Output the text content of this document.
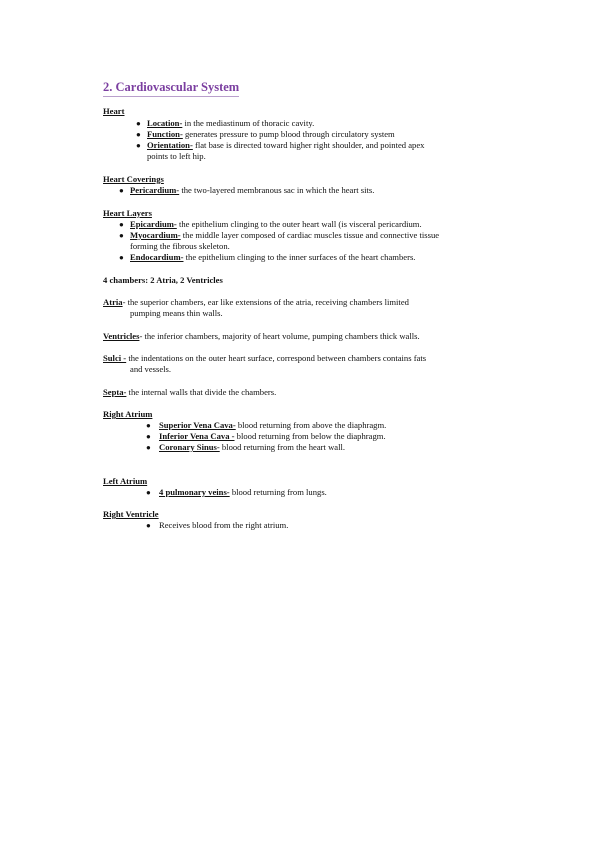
2. Cardiovascular System
Heart
● Location- in the mediastinum of thoracic cavity.
● Function- generates pressure to pump blood through circulatory system
● Orientation- flat base is directed toward higher right shoulder, and pointed apex
points to left hip.
Heart Coverings
● Pericardium- the two-layered membranous sac in which the heart sits.
Heart Layers
● Epicardium- the epithelium clinging to the outer heart wall (is visceral pericardium.
● Myocardium- the middle layer composed of cardiac muscles tissue and connective tissue
forming the fibrous skeleton.
● Endocardium- the epithelium clinging to the inner surfaces of the heart chambers.
4 chambers: 2 Atria, 2 Ventricles
Atria- the superior chambers, ear like extensions of the atria, receiving chambers limited
pumping means thin walls.
Ventricles- the inferior chambers, majority of heart volume, pumping chambers thick walls.
Sulci - the indentations on the outer heart surface, correspond between chambers contains fats
and vessels.
Septa- the internal walls that divide the chambers.
Right Atrium
● Superior Vena Cava- blood returning from above the diaphragm.
● Inferior Vena Cava - blood returning from below the diaphragm.
● Coronary Sinus- blood returning from the heart wall.
Left Atrium
● 4 pulmonary veins- blood returning from lungs.
Right Ventricle
● Receives blood from the right atrium.
